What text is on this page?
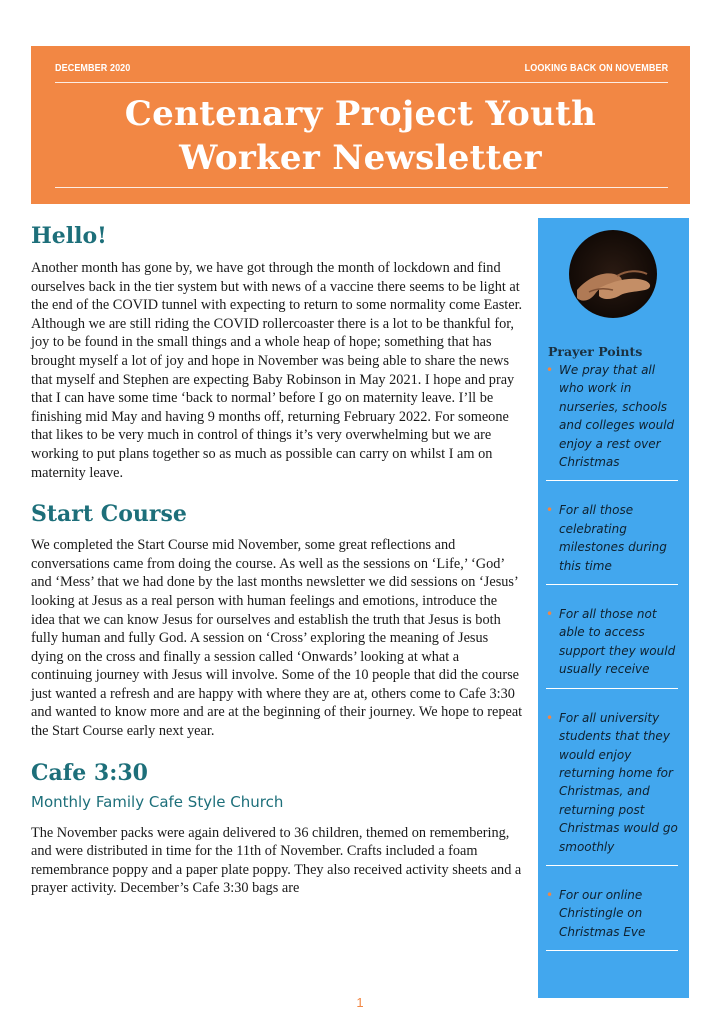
DECEMBER 2020	LOOKING BACK ON NOVEMBER
Centenary Project Youth
Worker Newsletter
Hello!

Another month has gone by, we have got through the month of lockdown and find ourselves back in the tier system but with news of a vaccine there seems to be light at the end of the COVID tunnel with expecting to return to some normality come Easter. Although we are still riding the COVID rollercoaster there is a lot to be thankful for, joy to be found in the small things and a whole heap of hope; something that has brought myself a lot of joy and hope in November was being able to share the news that myself and Stephen are expecting Baby Robinson in May 2021. I hope and pray that I can have some time ‘back to normal’ before I go on maternity leave. I’ll be finishing mid May and having 9 months off, returning February 2022. For someone that likes to be very much in control of things it’s very overwhelming but we are working to put plans together so as much as possible can carry on whilst I am on maternity leave.

Start Course

We completed the Start Course mid November, some great reflections and conversations came from doing the course. As well as the sessions on ‘Life,’ ‘God’ and ‘Mess’ that we had done by the last months newsletter we did sessions on ‘Jesus’ looking at Jesus as a real person with human feelings and emotions, introduce the idea that we can know Jesus for ourselves and establish the truth that Jesus is both fully human and fully God. A session on ‘Cross’ exploring the meaning of Jesus dying on the cross and finally a session called ‘Onwards’ looking at what a continuing journey with Jesus will involve. Some of the 10 people that did the course just wanted a refresh and are happy with where they are at, others come to Cafe 3:30 and wanted to know more and are at the beginning of their journey. We hope to repeat the Start Course early next year.

Cafe 3:30
Monthly Family Cafe Style Church

The November packs were again delivered to 36 children, themed on remembering, and were distributed in time for the 11th of November. Crafts included a foam remembrance poppy and a paper plate poppy. They also received activity sheets and a prayer activity. December’s Cafe 3:30 bags are

Prayer Points
• We pray that all who work in nurseries, schools and colleges would enjoy a rest over Christmas
• For all those celebrating milestones during this time
• For all those not able to access support they would usually receive
• For all university students that they would enjoy returning home for Christmas, and returning post Christmas would go smoothly
• For our online Christingle on Christmas Eve
1
